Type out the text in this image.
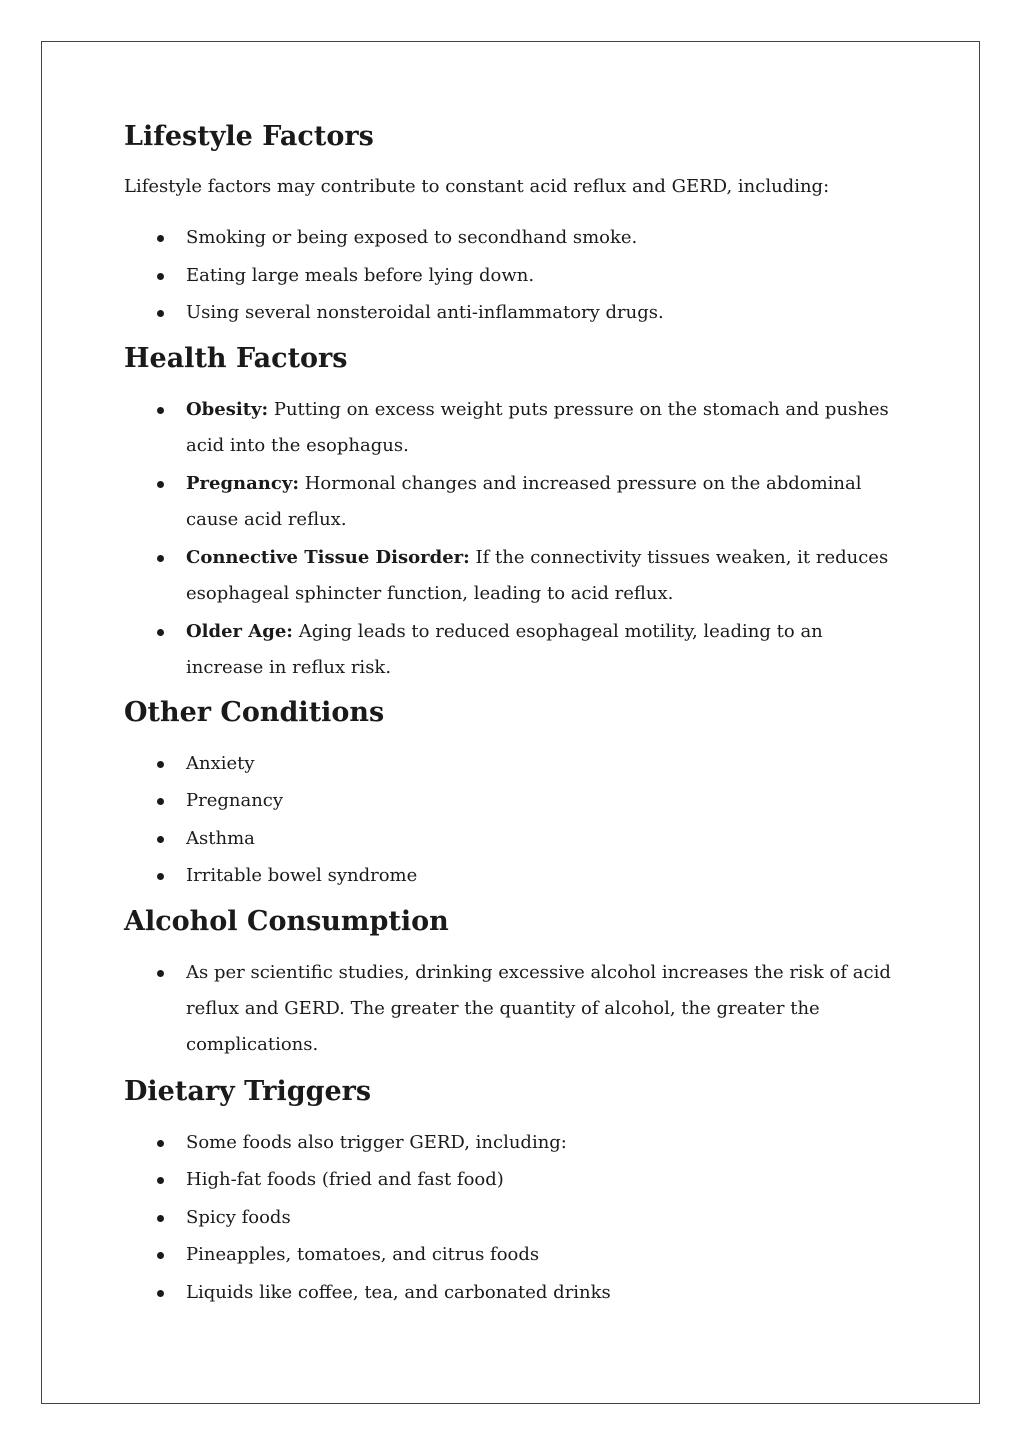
Lifestyle Factors

Lifestyle factors may contribute to constant acid reflux and GERD, including:

Smoking or being exposed to secondhand smoke.
Eating large meals before lying down.
Using several nonsteroidal anti-inflammatory drugs.
Health Factors
Obesity: Putting on excess weight puts pressure on the stomach and pushes acid into the esophagus.
Pregnancy: Hormonal changes and increased pressure on the abdominal cause acid reflux.
Connective Tissue Disorder: If the connectivity tissues weaken, it reduces esophageal sphincter function, leading to acid reflux.
Older Age: Aging leads to reduced esophageal motility, leading to an increase in reflux risk.
Other Conditions
Anxiety
Pregnancy
Asthma
Irritable bowel syndrome
Alcohol Consumption
As per scientific studies, drinking excessive alcohol increases the risk of acid reflux and GERD. The greater the quantity of alcohol, the greater the complications.
Dietary Triggers
Some foods also trigger GERD, including:
High-fat foods (fried and fast food)
Spicy foods
Pineapples, tomatoes, and citrus foods
Liquids like coffee, tea, and carbonated drinks
